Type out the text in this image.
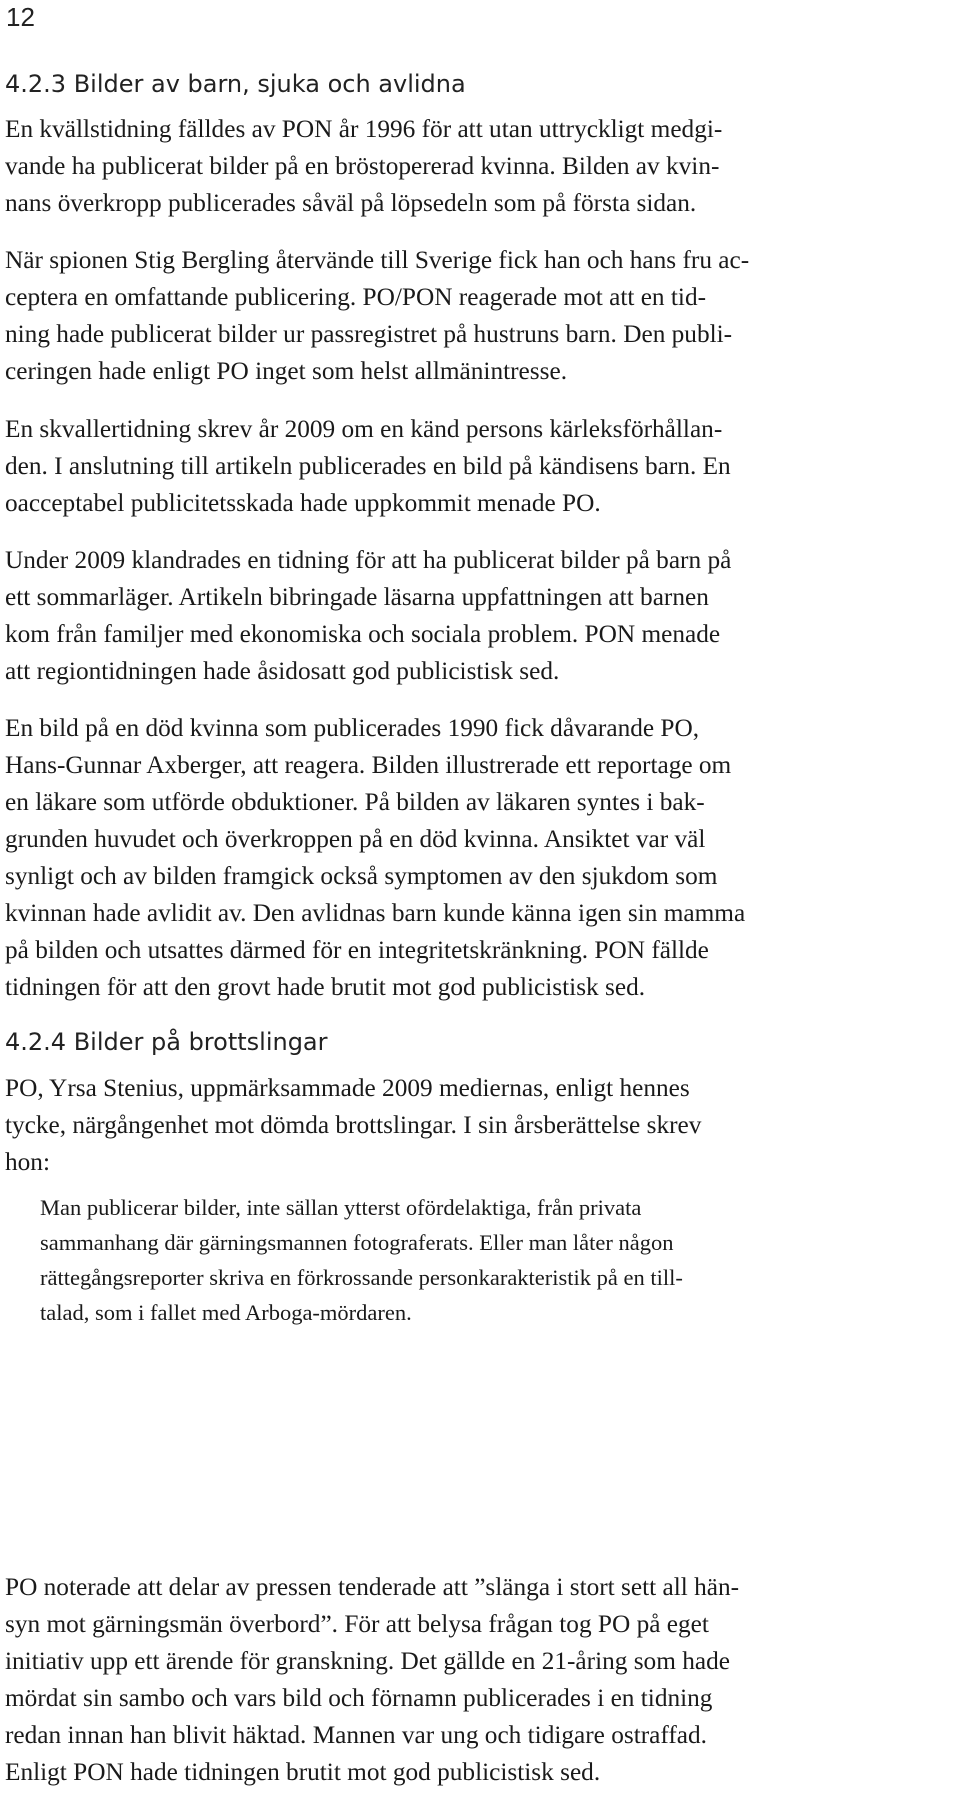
12
4.2.3 Bilder av barn, sjuka och avlidna
En kvällstidning fälldes av PON år 1996 för att utan uttryckligt medgi-
vande ha publicerat bilder på en bröstopererad kvinna. Bilden av kvin-
nans överkropp publicerades såväl på löpsedeln som på första sidan.
När spionen Stig Bergling återvände till Sverige fick han och hans fru ac-
ceptera en omfattande publicering. PO/PON reagerade mot att en tid-
ning hade publicerat bilder ur passregistret på hustruns barn. Den publi-
ceringen hade enligt PO inget som helst allmänintresse.
En skvallertidning skrev år 2009 om en känd persons kärleksförhållan-
den. I anslutning till artikeln publicerades en bild på kändisens barn. En
oacceptabel publicitetsskada hade uppkommit menade PO.
Under 2009 klandrades en tidning för att ha publicerat bilder på barn på
ett sommarläger. Artikeln bibringade läsarna uppfattningen att barnen
kom från familjer med ekonomiska och sociala problem. PON menade
att regiontidningen hade åsidosatt god publicistisk sed.
En bild på en död kvinna som publicerades 1990 fick dåvarande PO,
Hans-Gunnar Axberger, att reagera. Bilden illustrerade ett reportage om
en läkare som utförde obduktioner. På bilden av läkaren syntes i bak-
grunden huvudet och överkroppen på en död kvinna. Ansiktet var väl
synligt och av bilden framgick också symptomen av den sjukdom som
kvinnan hade avlidit av. Den avlidnas barn kunde känna igen sin mamma
på bilden och utsattes därmed för en integritetskränkning. PON fällde
tidningen för att den grovt hade brutit mot god publicistisk sed.
4.2.4 Bilder på brottslingar
PO, Yrsa Stenius, uppmärksammade 2009 mediernas, enligt hennes
tycke, närgångenhet mot dömda brottslingar. I sin årsberättelse skrev
hon:
Man publicerar bilder, inte sällan ytterst ofördelaktiga, från privata
sammanhang där gärningsmannen fotograferats. Eller man låter någon
rättegångsreporter skriva en förkrossande personkarakteristik på en till-
talad, som i fallet med Arboga-mördaren.
PO noterade att delar av pressen tenderade att ”slänga i stort sett all hän-
syn mot gärningsmän överbord”. För att belysa frågan tog PO på eget
initiativ upp ett ärende för granskning. Det gällde en 21-åring som hade
mördat sin sambo och vars bild och förnamn publicerades i en tidning
redan innan han blivit häktad. Mannen var ung och tidigare ostraffad.
Enligt PON hade tidningen brutit mot god publicistisk sed.
